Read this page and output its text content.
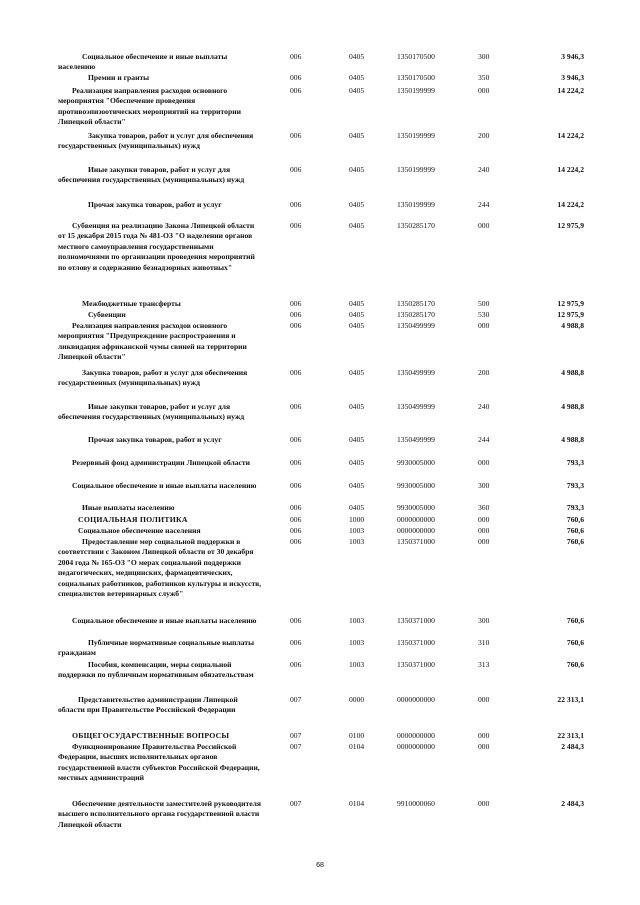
Социальное обеспечение и иные выплаты населению
006	0405	1350170500	300	3 946,3
Премии и гранты	006	0405	1350170500	350	3 946,3
Реализация направления расходов основного мероприятия "Обеспечение проведения противоэпизоотических мероприятий на территории Липецкой области"
006	0405	1350199999	000	14 224,2
Закупка товаров, работ и услуг для обеспечения государственных (муниципальных) нужд
006	0405	1350199999	200	14 224,2
Иные закупки товаров, работ и услуг для обеспечения государственных (муниципальных) нужд
006	0405	1350199999	240	14 224,2
Прочая закупка товаров, работ и услуг	006	0405	1350199999	244	14 224,2
Субвенция на реализацию Закона Липецкой области от 15 декабря 2015 года № 481-ОЗ "О наделении органов местного самоуправления государственными полномочиями по организации проведения мероприятий по отлову и содержанию безнадзорных животных"
006	0405	1350285170	000	12 975,9
Межбюджетные трансферты	006	0405	1350285170	500	12 975,9
Субвенции	006	0405	1350285170	530	12 975,9
Реализация направления расходов основного мероприятия "Предупреждение распространения и ликвидация африканской чумы свиней на территории Липецкой области"
006	0405	1350499999	000	4 988,8
Закупка товаров, работ и услуг для обеспечения государственных (муниципальных) нужд
006	0405	1350499999	200	4 988,8
Иные закупки товаров, работ и услуг для обеспечения государственных (муниципальных) нужд
006	0405	1350499999	240	4 988,8
Прочая закупка товаров, работ и услуг	006	0405	1350499999	244	4 988,8
Резервный фонд администрации Липецкой области	006	0405	9930005000	000	793,3
Социальное обеспечение и иные выплаты населению	006	0405	9930005000	300	793,3
Иные выплаты населению	006	0405	9930005000	360	793,3
СОЦИАЛЬНАЯ ПОЛИТИКА	006	1000	0000000000	000	760,6
Социальное обеспечение населения	006	1003	0000000000	000	760,6
Предоставление мер социальной поддержки в соответствии с Законом Липецкой области от 30 декабря 2004 года № 165-ОЗ "О мерах социальной поддержки педагогических, медицинских, фармацевтических, социальных работников, работников культуры и искусств, специалистов ветеринарных служб"
006	1003	1350371000	000	760,6
Социальное обеспечение и иные выплаты населению	006	1003	1350371000	300	760,6
Публичные нормативные социальные выплаты гражданам
006	1003	1350371000	310	760,6
Пособия, компенсации, меры социальной поддержки по публичным нормативным обязательствам
006	1003	1350371000	313	760,6
Представительство администрации Липецкой области при Правительстве Российской Федерации
007	0000	0000000000	000	22 313,1
ОБЩЕГОСУДАРСТВЕННЫЕ ВОПРОСЫ	007	0100	0000000000	000	22 313,1
Функционирование Правительства Российской Федерации, высших исполнительных органов государственной власти субъектов Российской Федерации, местных администраций
007	0104	0000000000	000	2 484,3
Обеспечение деятельности заместителей руководителя высшего исполнительного органа государственной власти Липецкой области
007	0104	9910000060	000	2 484,3
68
